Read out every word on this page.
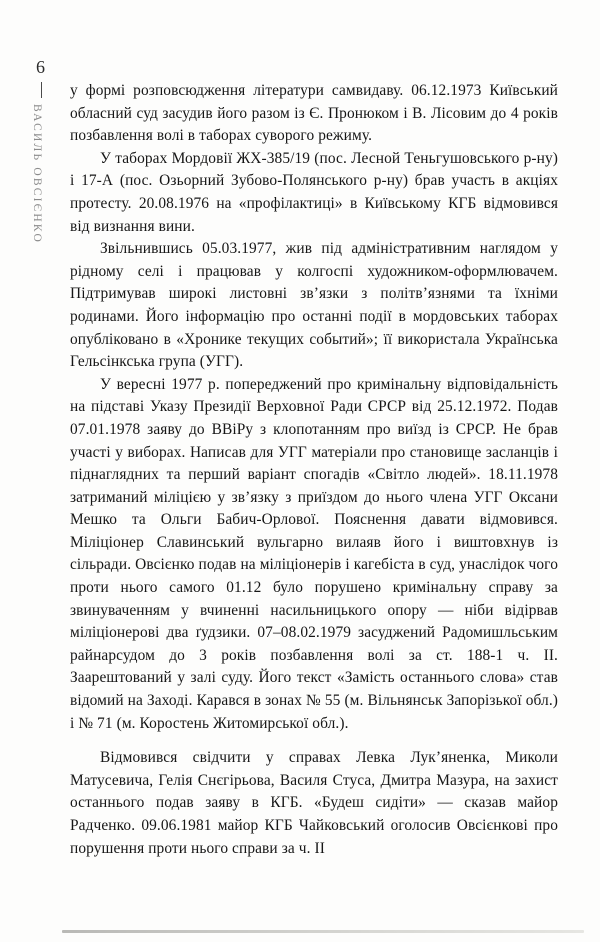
6
ВАСИЛЬ ОВСІЄНКО

у формі розповсюдження літератури самвидаву. 06.12.1973 Київський обласний суд засудив його разом із Є. Пронюком і В. Лісовим до 4 років позбавлення волі в таборах суворого режиму.

У таборах Мордовії ЖХ-385/19 (пос. Лесной Теньгушовського р-ну) і 17-А (пос. Озьорний Зубово-Полянського р-ну) брав участь в акціях протесту. 20.08.1976 на «профілактиці» в Київському КГБ відмовився від визнання вини.

Звільнившись 05.03.1977, жив під адміністративним наглядом у рідному селі і працював у колгоспі художником-оформлювачем. Підтримував широкі листовні зв’язки з політв’язнями та їхніми родинами. Його інформацію про останні події в мордовських таборах опубліковано в «Хронике текущих событий»; її використала Українська Гельсінкська група (УГГ).

У вересні 1977 р. попереджений про кримінальну відповідальність на підставі Указу Президії Верховної Ради СРСР від 25.12.1972. Подав 07.01.1978 заяву до ВВіРу з клопотанням про виїзд із СРСР. Не брав участі у виборах. Написав для УГГ матеріали про становище засланців і піднаглядних та перший варіант спогадів «Світло людей». 18.11.1978 затриманий міліцією у зв’язку з приїздом до нього члена УГГ Оксани Мешко та Ольги Бабич-Орлової. Пояснення давати відмовився. Міліціонер Славинський вульгарно вилаяв його і виштовхнув із сільради. Овсієнко подав на міліціонерів і кагебіста в суд, унаслідок чого проти нього самого 01.12 було порушено кримінальну справу за звинуваченням у вчиненні насильницького опору — ніби відірвав міліціонерові два ґудзики. 07–08.02.1979 засуджений Радомишльським райнарсудом до 3 років позбавлення волі за ст. 188-1 ч. II. Заарештований у залі суду. Його текст «Замість останнього слова» став відомий на Заході. Карався в зонах № 55 (м. Вільнянськ Запорізької обл.) і № 71 (м. Коростень Житомирської обл.).

Відмовився свідчити у справах Левка Лук’яненка, Миколи Матусевича, Гелія Снєгірьова, Василя Стуса, Дмитра Мазура, на захист останнього подав заяву в КГБ. «Будеш сидіти» — сказав майор Радченко. 09.06.1981 майор КГБ Чайковський оголосив Овсієнкові про порушення проти нього справи за ч. II
